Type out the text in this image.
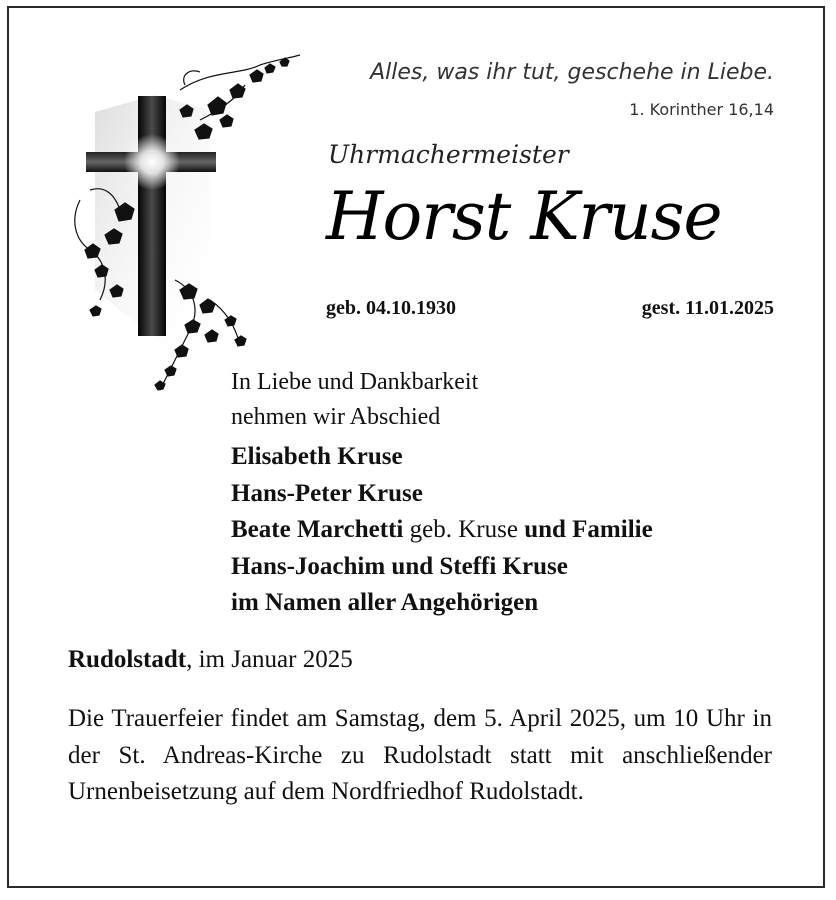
Alles, was ihr tut, geschehe in Liebe.
1. Korinther 16,14
Uhrmachermeister
Horst Kruse
geb. 04.10.1930	gest. 11.01.2025
In Liebe und Dankbarkeit
nehmen wir Abschied
Elisabeth Kruse
Hans-Peter Kruse
Beate Marchetti geb. Kruse und Familie
Hans-Joachim und Steffi Kruse
im Namen aller Angehörigen
Rudolstadt, im Januar 2025
Die Trauerfeier findet am Samstag, dem 5. April 2025, um 10 Uhr in der St. Andreas-Kirche zu Rudolstadt statt mit anschließender Urnenbeisetzung auf dem Nordfriedhof Rudolstadt.
